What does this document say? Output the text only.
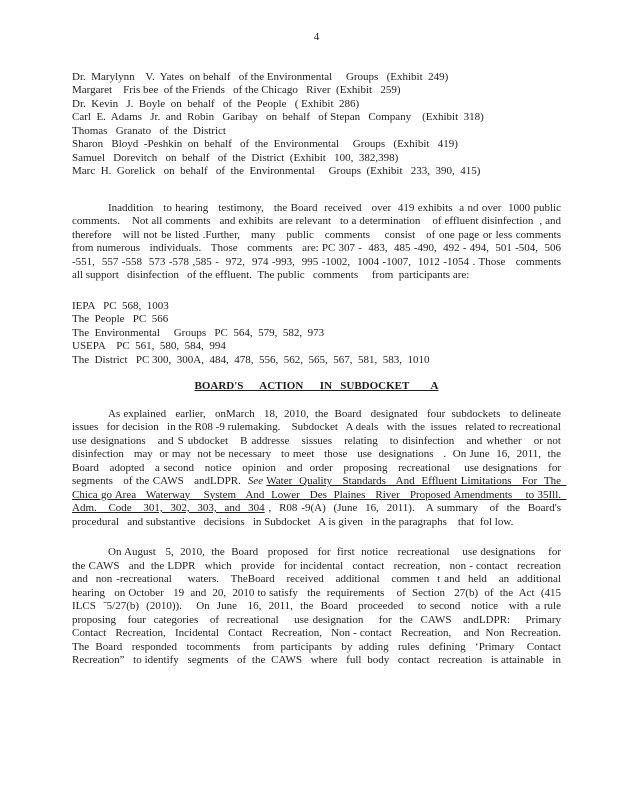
4
Dr.  Marylynn    V.  Yates  on behalf   of the Environmental     Groups   (Exhibit  249)
Margaret    Fris bee  of the Friends   of the Chicago   River  (Exhibit   259)
Dr.  Kevin   J.  Boyle  on  behalf   of  the  People   ( Exhibit  286)
Carl  E.  Adams   Jr.  and  Robin   Garibay   on  behalf   of Stepan   Company    (Exhibit  318)
Thomas   Granato   of  the  District
Sharon   Bloyd  -Peshkin  on  behalf   of  the  Environmental     Groups   (Exhibit   419)
Samuel   Dorevitch   on  behalf   of  the  District  (Exhibit   100,  382,398)
Marc  H.  Gorelick   on  behalf   of  the  Environmental     Groups  (Exhibit   233,  390,  415)

Inaddition   to hearing   testimony,   the Board  received   over  419 exhibits  a nd over  1000 public  comments.    Not all comments   and exhibits  are relevant   to a determination    of effluent disinfection  , and therefore   will not be listed .Further,   many   public   comments    consist   of one page or less comments   from numerous   individuals.   Those   comments   are: PC 307 -  483,  485 -490,  492 - 494,  501 -504,  506 -551,  557 -558  573 -578 ,585 -  972,  974 -993,  995 -1002,  1004 -1007,  1012 -1054 . Those   comments    all support   disinfection   of the effluent.  The public   comments     from  participants are:

IEPA   PC  568,  1003
The  People   PC  566
The  Environmental     Groups   PC  564,  579,  582,  973
USEPA    PC  561,  580,  584,  994
The  District   PC 300,  300A,  484,  478,  556,  562,  565,  567,  581,  583,  1010
BOARD'S      ACTION      IN   SUBDOCKET        A

As explained   earlier,   onMarch   18,  2010,  the  Board   designated   four  subdockets   to delineate   issues   for decision   in the R08 -9 rulemaking.    Subdocket   A deals   with  the  issues   related to recreational   use designations   and S ubdocket   B addresse   sissues   relating   to disinfection   and whether   or not disinfection   may  or may  not be necessary   to meet   those   use  designations   .  On June  16,  2011,  the  Board   adopted   a second   notice   opinion   and  order   proposing   recreational    use designations   for segments   of the CAWS   andLDPR.  See Water  Quality   Standards   And  Effluent Limitations   For  The  Chica go Area   Waterway    System   And  Lower   Des  Plaines   River   Proposed Amendments    to 35Ill.  Adm.   Code   301,  302,  303,  and  304 ,  R08 -9(A)  (June  16,  2011).   A summary   of  the  Board's   procedural   and substantive   decisions   in Subdocket   A is given   in the paragraphs    that  fol low.

On August   5,  2010,  the  Board   proposed   for  first  notice   recreational    use designations    for the CAWS   and  the LDPR   which   provide   for incidental   contact   recreation,   non - contact   recreation and  non -recreational    waters.   TheBoard   received   additional   commen  t and  held   an  additional hearing   on October   19  and  20,  2010 to satisfy   the  requirements    of  Section   27(b)  of  the  Act  (415 ILCS  ˜5/27(b)  (2010)).    On  June   16,  2011,  the  Board   proceeded    to second   notice   with  a rule proposing   four  categories   of  recreational    use designation    for  the  CAWS   andLDPR:    Primary Contact   Recreation,   Incidental   Contact   Recreation,   Non - contact   Recreation,    and  Non  Recreation. The  Board   responded   tocomments    from  participants   by  adding   rules   defining   ‘Primary    Contact Recreation”   to identify   segments   of  the  CAWS   where   full  body   contact   recreation   is attainable   in
